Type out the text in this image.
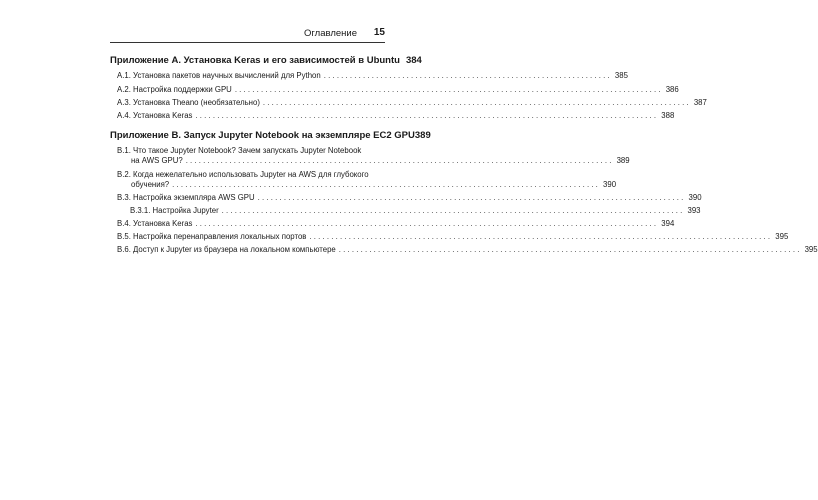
Оглавление 15
Приложение А. Установка Keras и его зависимостей в Ubuntu 384
А.1. Установка пакетов научных вычислений для Python .................................................................. 385
А.2. Настройка поддержки GPU .................................................................................................. 386
А.3. Установка Theano (необязательно) .................................................................................................. 387
А.4. Установка Keras .......................................................................................................... 388
Приложение В. Запуск Jupyter Notebook на экземпляре EC2 GPU 389
В.1. Что такое Jupyter Notebook? Зачем запускать Jupyter Notebook
на AWS GPU? .................................................................................................. 389
В.2. Когда нежелательно использовать Jupyter на AWS для глубокого
обучения? .................................................................................................. 390
В.3. Настройка экземпляра AWS GPU .................................................................................................. 390
В.3.1. Настройка Jupyter .......................................................................................................... 393
В.4. Установка Keras .......................................................................................................... 394
В.5. Настройка перенаправления локальных портов .......................................................................................................... 395
В.6. Доступ к Jupyter из браузера на локальном компьютере .......................................................................................................... 395
